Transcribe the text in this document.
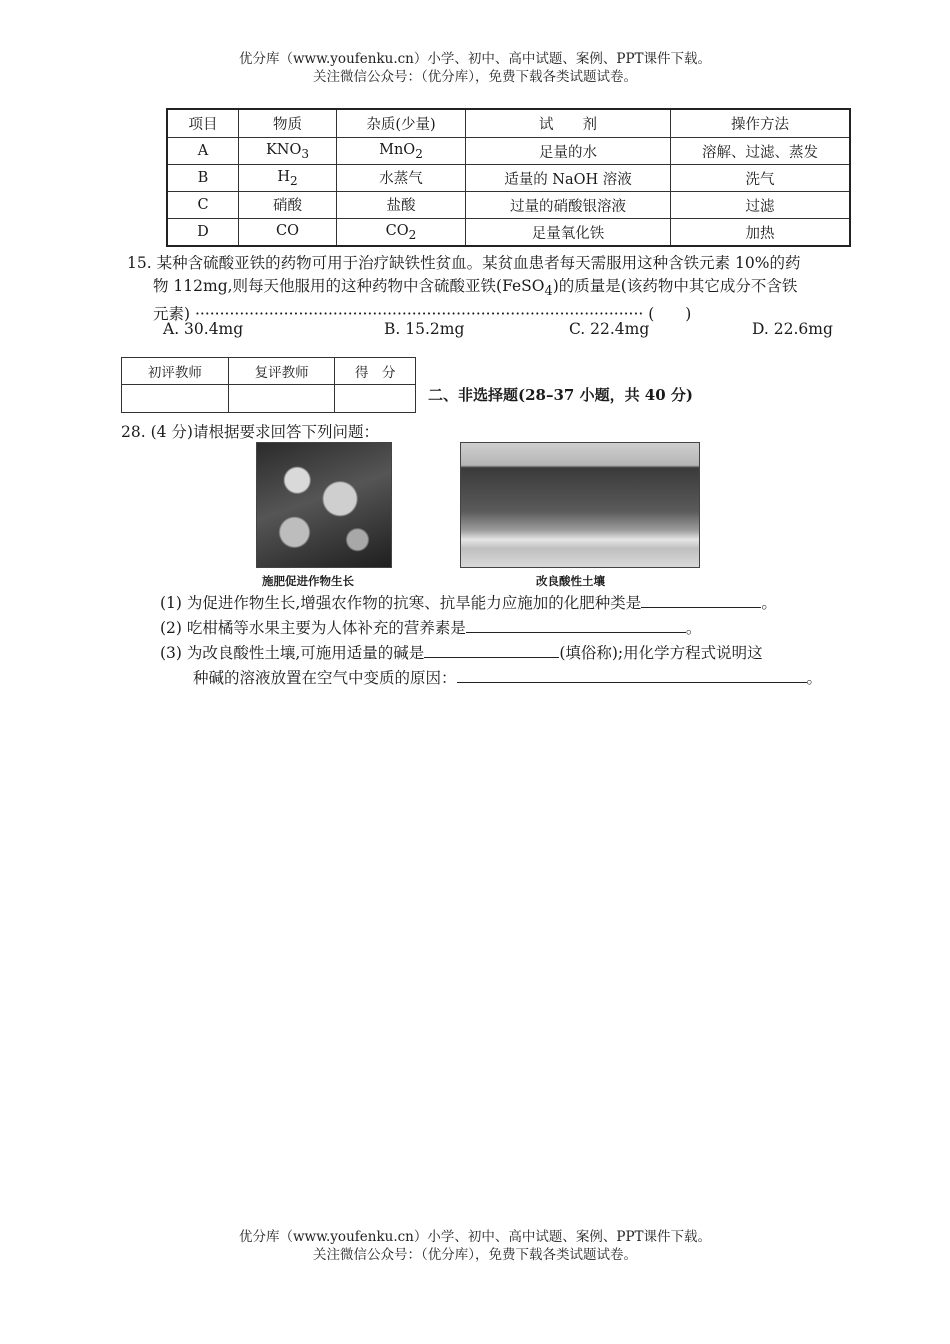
优分库（www.youfenku.cn）小学、初中、高中试题、案例、PPT课件下载。
关注微信公众号：（优分库），免费下载各类试题试卷。
项目	物质	杂质(少量)	试　　剂	操作方法
A	$KNO_3$	MnO$_2$	足量的水	溶解、过滤、蒸发
B	$H_2$	水蒸气	适量的 NaOH 溶液	洗气
C	硝酸	盐酸	过量的硝酸银溶液	过滤
D	CO	$CO_2$	足量氧化铁	加热
15. 某种含硫酸亚铁的药物可用于治疗缺铁性贫血。某贫血患者每天需服用这种含铁元素 10%的药
物 112mg,则每天他服用的这种药物中含硫酸亚铁(FeSO$_4$)的质量是(该药物中其它成分不含铁
元素) ··························································································· (　　)
A. 30.4mg	B. 15.2mg	C. 22.4mg	D. 22.6mg
初评教师	复评教师	得　分

二、非选择题(28–37 小题，共 40 分)
28. (4 分)请根据要求回答下列问题：
施肥促进作物生长	改良酸性土壤
(1) 为促进作物生长,增强农作物的抗寒、抗旱能力应施加的化肥种类是	。
(2) 吃柑橘等水果主要为人体补充的营养素是	。
(3) 为改良酸性土壤,可施用适量的碱是	(填俗称);用化学方程式说明这
种碱的溶液放置在空气中变质的原因：	。
优分库（www.youfenku.cn）小学、初中、高中试题、案例、PPT课件下载。
关注微信公众号：（优分库），免费下载各类试题试卷。
